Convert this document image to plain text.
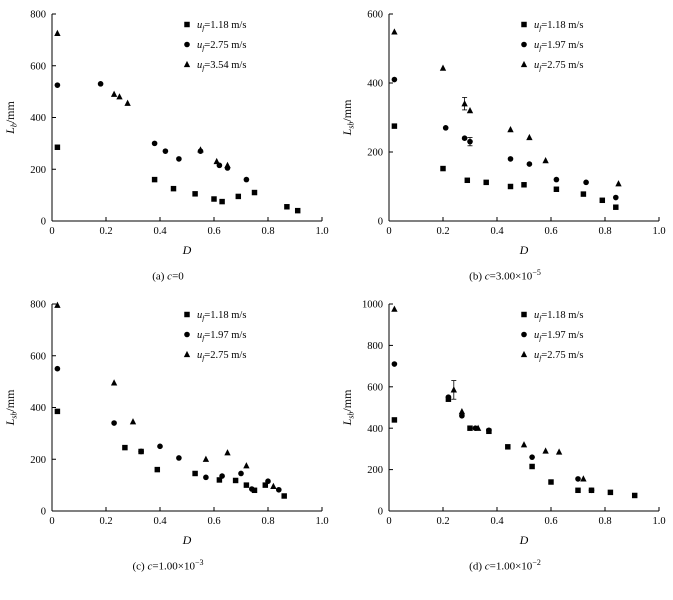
0	0.2	0.4	0.6	0.8	1.0
0
200
400
600
800
D
$L_b/mm$
$u_f=1.18$ m/s
$u_f=2.75$ m/s
$u_f=3.54$ m/s
(a) c=0
0	0.2	0.4	0.6	0.8	1.0
0
200
400
600
D
$L_{sb}/mm$
$u_f=1.18$ m/s
$u_f=1.97$ m/s
$u_f=2.75$ m/s
(b) $c=3.00\times 10^{-5}$
0	0.2	0.4	0.6	0.8	1.0
0
200
400
600
800
D
$L_{sb}/mm$
$u_f=1.18$ m/s
$u_f=1.97$ m/s
$u_f=2.75$ m/s
(c) $c=1.00\times 10^{-3}$
0	0.2	0.4	0.6	0.8	1.0
0
200
400
600
800
1000
D
$L_{sb}/mm$
$u_f=1.18$ m/s
$u_f=1.97$ m/s
$u_f=2.75$ m/s
(d) $c=1.00\times 10^{-2}$
